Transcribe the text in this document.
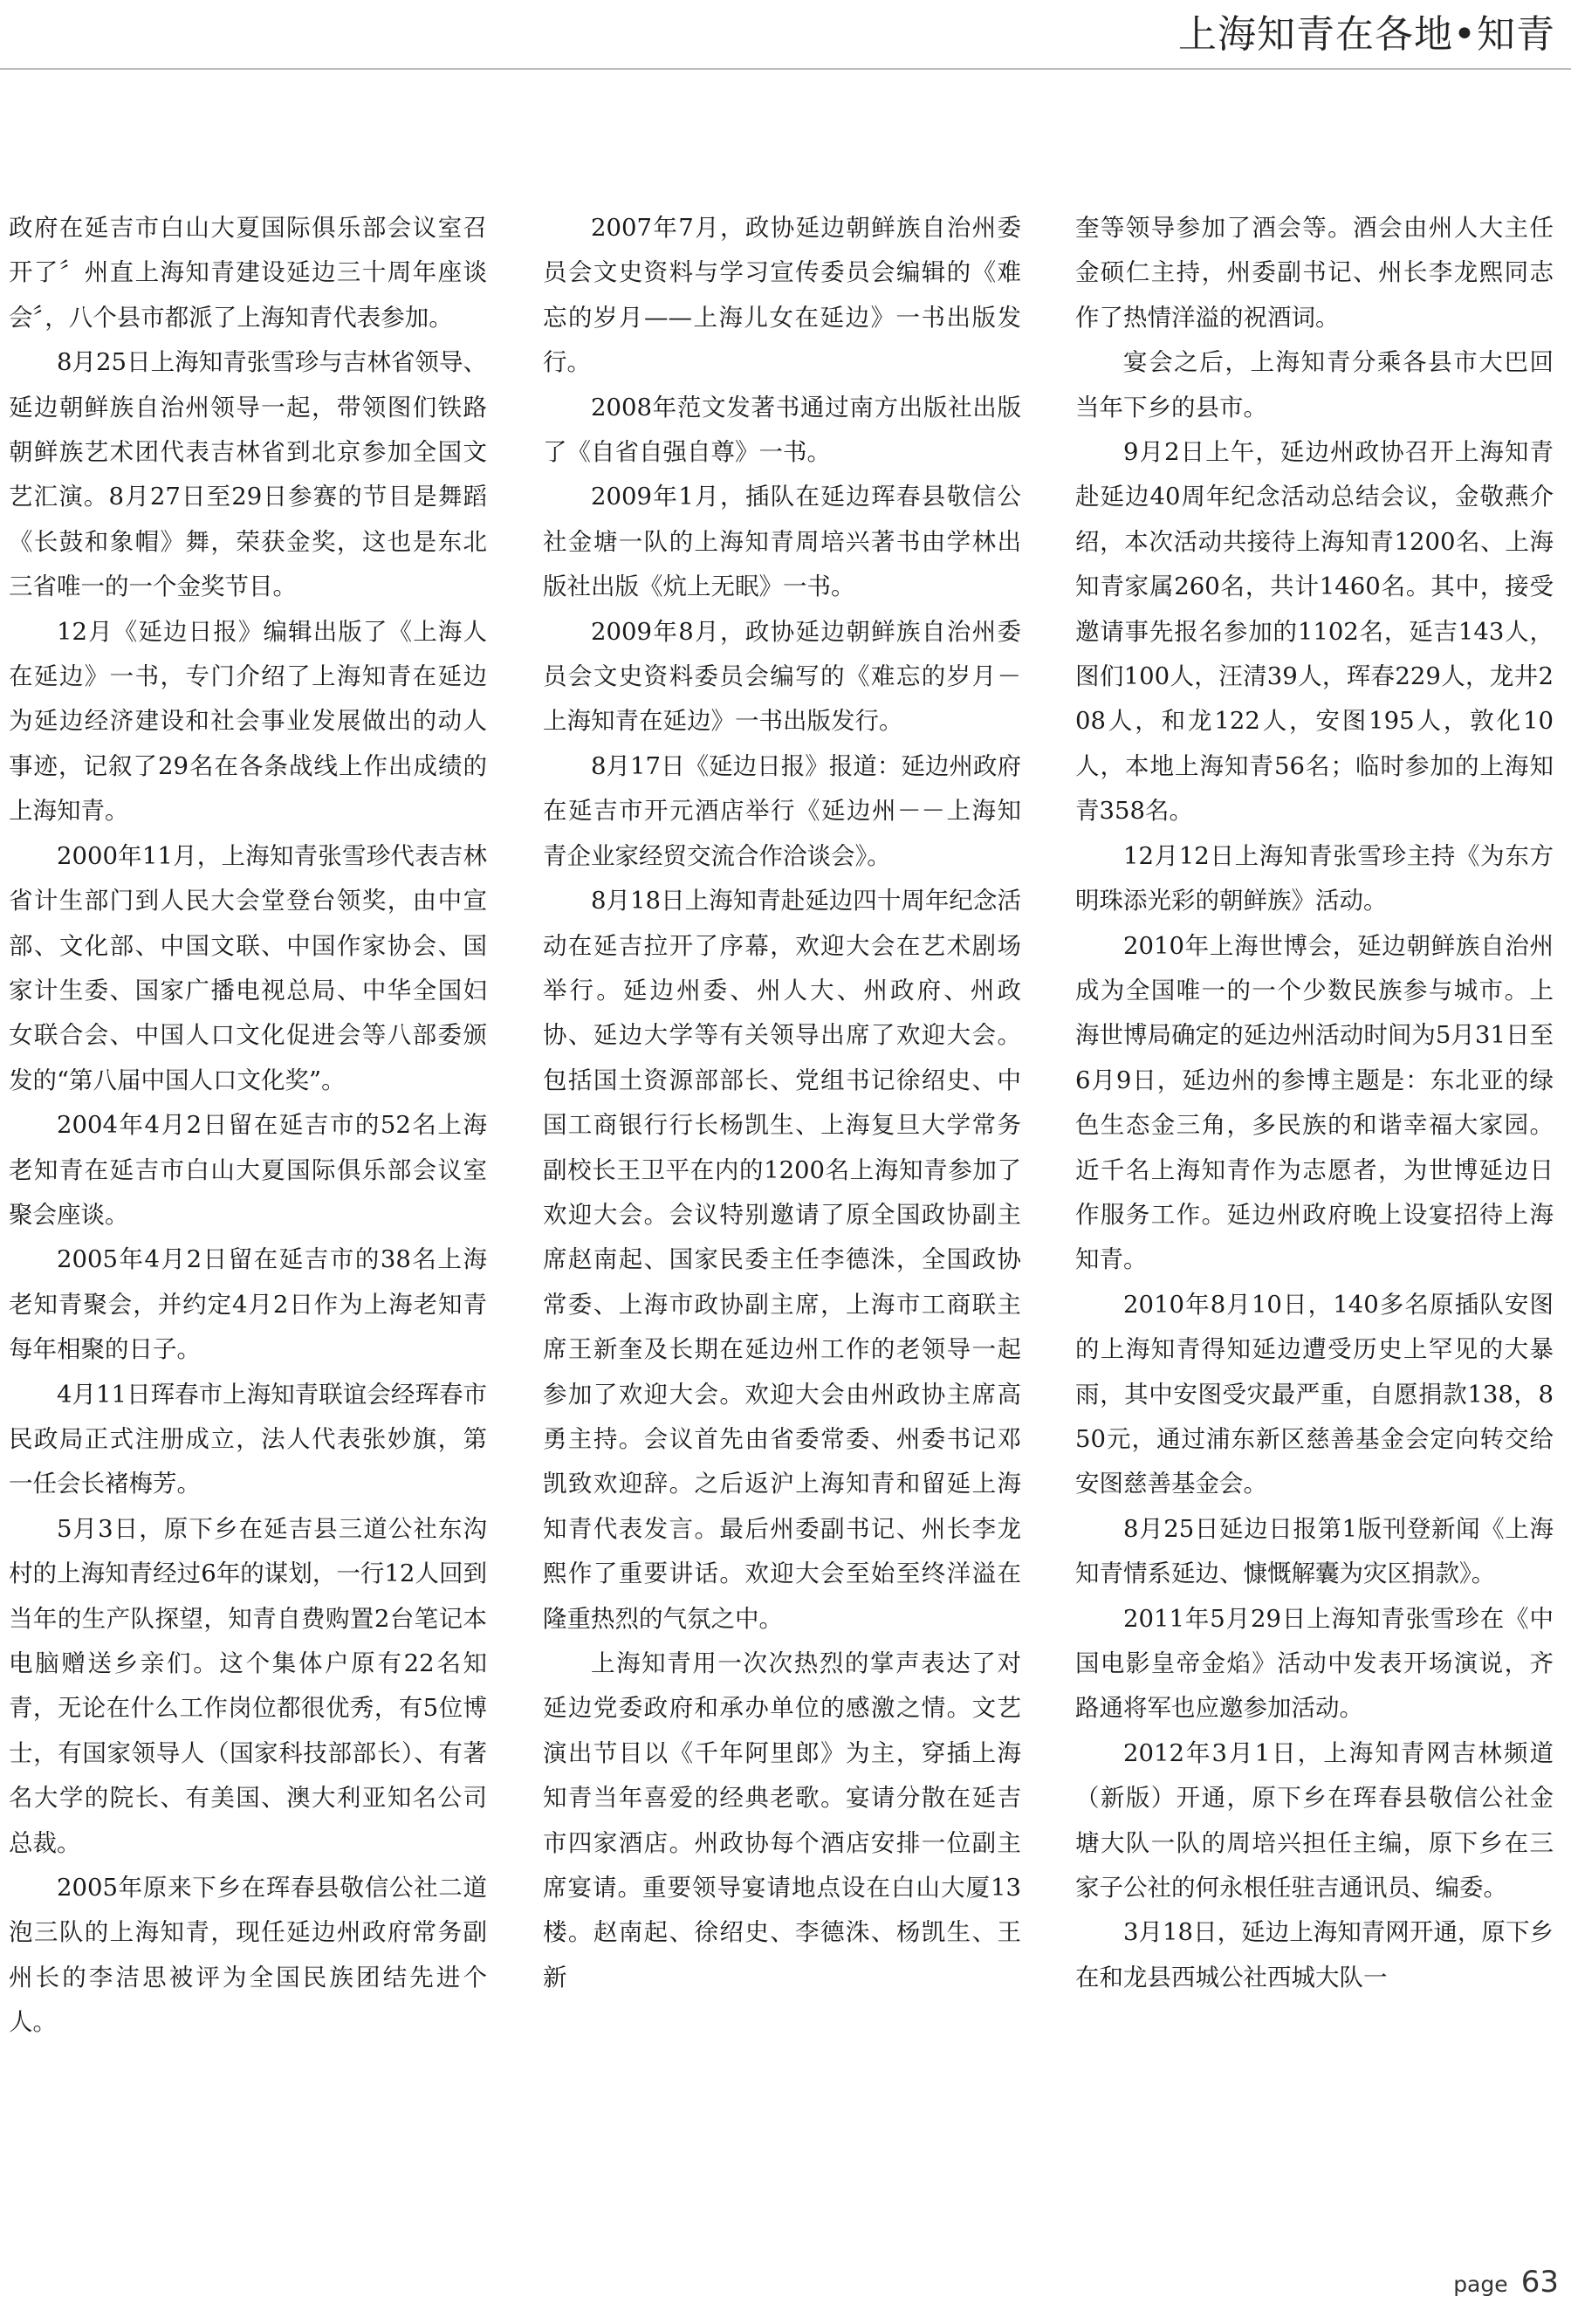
上海知青在各地•知青

政府在延吉市白山大夏国际俱乐部会议室召开了〞州直上海知青建设延边三十周年座谈会〞，八个县市都派了上海知青代表参加。

8月25日上海知青张雪珍与吉林省领导、延边朝鲜族自治州领导一起，带领图们铁路朝鲜族艺术团代表吉林省到北京参加全国文艺汇演。8月27日至29日参赛的节目是舞蹈《长鼓和象帽》舞，荣获金奖，这也是东北三省唯一的一个金奖节目。

12月《延边日报》编辑出版了《上海人在延边》一书，专门介绍了上海知青在延边为延边经济建设和社会事业发展做出的动人事迹，记叙了29名在各条战线上作出成绩的上海知青。

2000年11月，上海知青张雪珍代表吉林省计生部门到人民大会堂登台领奖，由中宣部、文化部、中国文联、中国作家协会、国家计生委、国家广播电视总局、中华全国妇女联合会、中国人口文化促进会等八部委颁发的“第八届中国人口文化奖”。

2004年4月2日留在延吉市的52名上海老知青在延吉市白山大夏国际俱乐部会议室聚会座谈。

2005年4月2日留在延吉市的38名上海老知青聚会，并约定4月2日作为上海老知青每年相聚的日子。

4月11日珲春市上海知青联谊会经珲春市民政局正式注册成立，法人代表张妙旗，第一任会长褚梅芳。

5月3日，原下乡在延吉县三道公社东沟村的上海知青经过6年的谋划，一行12人回到当年的生产队探望，知青自费购置2台笔记本电脑赠送乡亲们。这个集体户原有22名知青，无论在什么工作岗位都很优秀，有5位博士，有国家领导人（国家科技部部长）、有著名大学的院长、有美国、澳大利亚知名公司总裁。

2005年原来下乡在珲春县敬信公社二道泡三队的上海知青，现任延边州政府常务副州长的李洁思被评为全国民族团结先进个人。

2007年7月，政协延边朝鲜族自治州委员会文史资料与学习宣传委员会编辑的《难忘的岁月——上海儿女在延边》一书出版发行。

2008年范文发著书通过南方出版社出版了《自省自强自尊》一书。

2009年1月，插队在延边珲春县敬信公社金塘一队的上海知青周培兴著书由学林出版社出版《炕上无眠》一书。

2009年8月，政协延边朝鲜族自治州委员会文史资料委员会编写的《难忘的岁月－上海知青在延边》一书出版发行。

8月17日《延边日报》报道：延边州政府在延吉市开元酒店举行《延边州－－上海知青企业家经贸交流合作洽谈会》。

8月18日上海知青赴延边四十周年纪念活动在延吉拉开了序幕，欢迎大会在艺术剧场举行。延边州委、州人大、州政府、州政协、延边大学等有关领导出席了欢迎大会。包括国土资源部部长、党组书记徐绍史、中国工商银行行长杨凯生、上海复旦大学常务副校长王卫平在内的1200名上海知青参加了欢迎大会。会议特别邀请了原全国政协副主席赵南起、国家民委主任李德洙，全国政协常委、上海市政协副主席，上海市工商联主席王新奎及长期在延边州工作的老领导一起参加了欢迎大会。欢迎大会由州政协主席高勇主持。会议首先由省委常委、州委书记邓凯致欢迎辞。之后返沪上海知青和留延上海知青代表发言。最后州委副书记、州长李龙熙作了重要讲话。欢迎大会至始至终洋溢在隆重热烈的气氛之中。

上海知青用一次次热烈的掌声表达了对延边党委政府和承办单位的感激之情。文艺演出节目以《千年阿里郎》为主，穿插上海知青当年喜爱的经典老歌。宴请分散在延吉市四家酒店。州政协每个酒店安排一位副主席宴请。重要领导宴请地点设在白山大厦13楼。赵南起、徐绍史、李德洙、杨凯生、王新

奎等领导参加了酒会等。酒会由州人大主任金硕仁主持，州委副书记、州长李龙熙同志作了热情洋溢的祝酒词。

宴会之后，上海知青分乘各县市大巴回当年下乡的县市。

9月2日上午，延边州政协召开上海知青赴延边40周年纪念活动总结会议，金敬燕介绍，本次活动共接待上海知青1200名、上海知青家属260名，共计1460名。其中，接受邀请事先报名参加的1102名，延吉143人，图们100人，汪清39人，珲春229人，龙井208人，和龙122人，安图195人，敦化10人，本地上海知青56名；临时参加的上海知青358名。

12月12日上海知青张雪珍主持《为东方明珠添光彩的朝鲜族》活动。

2010年上海世博会，延边朝鲜族自治州成为全国唯一的一个少数民族参与城市。上海世博局确定的延边州活动时间为5月31日至6月9日，延边州的参博主题是：东北亚的绿色生态金三角，多民族的和谐幸福大家园。近千名上海知青作为志愿者，为世博延边日作服务工作。延边州政府晚上设宴招待上海知青。

2010年8月10日，140多名原插队安图的上海知青得知延边遭受历史上罕见的大暴雨，其中安图受灾最严重，自愿捐款138，850元，通过浦东新区慈善基金会定向转交给安图慈善基金会。

8月25日延边日报第1版刊登新闻《上海知青情系延边、慷慨解囊为灾区捐款》。

2011年5月29日上海知青张雪珍在《中国电影皇帝金焰》活动中发表开场演说，齐路通将军也应邀参加活动。

2012年3月1日，上海知青网吉林频道（新版）开通，原下乡在珲春县敬信公社金塘大队一队的周培兴担任主编，原下乡在三家子公社的何永根任驻吉通讯员、编委。

3月18日，延边上海知青网开通，原下乡在和龙县西城公社西城大队一

page 63
